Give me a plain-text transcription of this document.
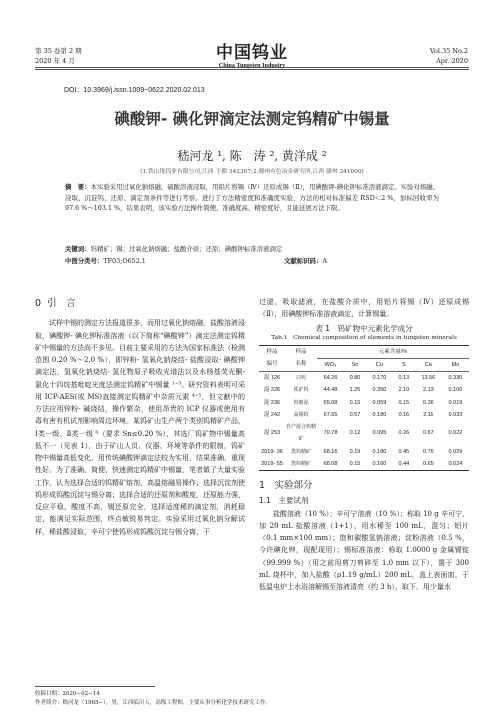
第 35 卷第 2 期
2020 年 4 月	中国钨业
China Tungsten Industry
Vol.35 No.2
Apr. 2020
DOI：10.3969/j.issn.1009−0622.2020.02.013
碘酸钾- 碘化钾滴定法测定钨精矿中锡量
嵇河龙 ¹, 陈　涛 ², 黄洋成 ²
(1.铁山垅钨业有限公司,江西 于都 342307;2.赣州有色冶金研究所,江西 赣州 341000)
摘　要：本实验采用过氧化钠熔融，硫酸溶液浸取，用铝片将锡（Ⅳ）还原成锡（Ⅱ），用碘酸钾-碘化钾标准溶液滴定。实验对熔融、浸取、沉淀钨、还原、滴定剂条件等进行考察。进行了方法精密度和准确度实验，方法的相对标准偏差 RSD＜2 %，加标回收率为 97.6 %～103.1 %，结果表明，该实验方法操作简便、准确度高、精密度好，且能延展方法下限。
关键词：钨精矿；锡；过氧化钠熔融；盐酸介质；还原；碘酸钾标准溶液滴定
中图分类号：TF03;O652.1	文献标识码：A
0 引　言

试样中锡的测定方法报道很多，而用过氧化钠熔融，盐酸溶液浸取，碘酸钾- 碘化钾标准溶液（以下简称“碘酸钾”）滴定法测定钨精矿中锡量的方法尚不多见。目前主要采用的方法为国家标准法（检测范围 0.20 %～2.0 %），即锌粉- 氢氧化钠烧结- 盐酸浸取- 碘酸钾滴定法，氢氧化钠烧结- 氢化物原子吸收光谱法以及水杨基荧光酮- 氯化十四烷基吡啶光度法测定钨精矿中锡量 ¹⁻³。研究资料表明可采用 ICP-AES(或 MS)直接测定钨精矿中杂质元素 ⁴⁻⁵，但文献中的方法应用锌粉- 碱烧结，操作繁杂，使用昂贵的 ICP 仪器或使用有毒有害有机试剂影响周边环境。某钨矿山生产两个类别钨精矿产品，Ⅰ类一级、Ⅱ类一级 ⁶（要求 Sn≤0.20 %），其选厂钨矿物中锡量高低不一（见表 1），由于矿山人员、仪器、环境等条件的限制，钨矿物中锡量高低变化，用传统碘酸钾滴定法较为实用，结果准确，重现性好。为了准确、简便、快速测定钨精矿中锡量，笔者做了大量实验工作，认为选择合适的钨精矿熔剂，高温熔融易操作；选择沉淀剂使钨形成钨酸沉淀与锡分离；选择合适的还原剂和酸度，还原能力强，反应平稳，酸度不高，锡还原完全，选择适度稀的滴定剂，消耗稳定，能满足实际范围，终点敏锐易判定。实验采用过氧化钠分解试样，稀盐酸浸取，辛可宁使钨形成钨酸沉淀与锡分离，干

过滤，吸取滤液，在盐酸介质中，用铝片将锡（Ⅳ）还原成锡（Ⅱ），用碘酸钾标准溶液滴定，计算锡量。
表 1　钨矿物中元素化学成分
Tab.1　Chemical composition of elements in tungsten minerals
样品
编号	样品
名称	元素含量/%					
		WO₃	Sn	Cu	S	Ca	Mo
混 126	白钨	64.26	0.80	0.170	0.13	13.56	0.330
混 226	铁矿钨	44.48	1.25	0.350	2.10	2.13	0.100
混 236	钨细泥	65.08	0.15	0.059	0.15	0.36	0.019
混 242	高锡钨	67.65	0.57	0.180	0.16	2.11	0.033
混 253	自产混合钨精矿	70.78	0.12	0.095	0.26	0.67	0.022
2019- 36	黑钨精矿	68.16	0.19	0.180	0.45	0.76	0.029
2019- 55	黑钨精矿	68.08	0.15	0.160	0.44	0.65	0.024
1　实验部分
1.1　主要试剂

盐酸溶液（10 %）；辛可宁溶液（10 %）；称取 10 g 辛可宁，加 20 mL 盐酸溶液（1+1），用水稀至 100 mL，混匀；铝片（0.1 mm×100 mm）；饱和碳酸氢钠溶液；淀粉溶液（0.5 %，今许碘化钾，现配现用）；锡标准溶液：称取 1.0000 g 金属锡锭（99.999 %）（用之前用剪刀剪碎至 1.0 mm 以下），置于 300 mL 烧杯中，加入盐酸（ρ1.19 g/mL）200 mL，盖上表面皿，于低温电炉上水浴溶解锡至溶液清亮（约 3 h），取下，用少量水

收稿日期：2020−02−14
作者简介：嵇河龙（1965−），男，江西临川人，高级工程师，主要从事分析化学技术研究工作。
